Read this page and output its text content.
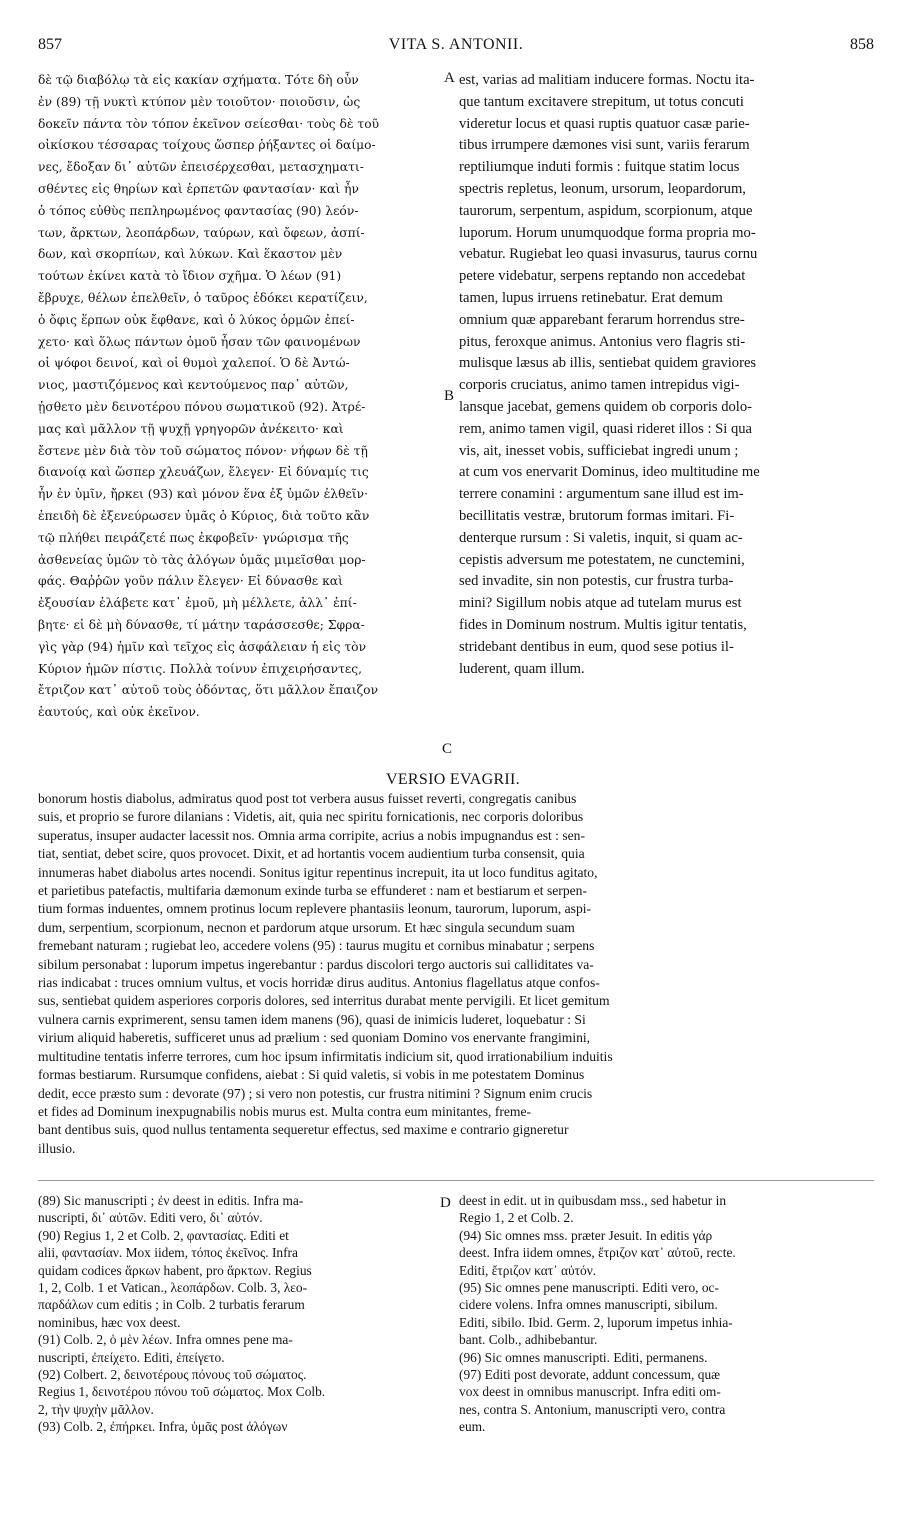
857	VITA S. ANTONII.	858
δὲ τῷ διαβόλῳ τὰ εἰς κακίαν σχήματα. Τότε δὴ οὖν
ἐν (89) τῇ νυκτὶ κτύπον μὲν τοιοῦτον· ποιοῦσιν, ὡς
δοκεῖν πάντα τὸν τόπον ἐκεῖνον σείεσθαι· τοὺς δὲ τοῦ
οἰκίσκου τέσσαρας τοίχους ὥσπερ ῥήξαντες οἱ δαίμο-
νες, ἔδοξαν δι᾽ αὐτῶν ἐπεισέρχεσθαι, μετασχηματι-
σθέντες εἰς θηρίων καὶ ἑρπετῶν φαντασίαν· καὶ ἦν
ὁ τόπος εὐθὺς πεπληρωμένος φαντασίας (90) λεόν-
των, ἄρκτων, λεοπάρδων, ταύρων, καὶ ὄφεων, ἀσπί-
δων, καὶ σκορπίων, καὶ λύκων. Καὶ ἕκαστον μὲν
τούτων ἐκίνει κατὰ τὸ ἴδιον σχῆμα. Ὁ λέων (91)
ἔβρυχε, θέλων ἐπελθεῖν, ὁ ταῦρος ἐδόκει κερατίζειν,
ὁ ὄφις ἕρπων οὐκ ἔφθανε, καὶ ὁ λύκος ὁρμῶν ἐπεί-
χετο· καὶ ὅλως πάντων ὁμοῦ ἦσαν τῶν φαινομένων
οἱ ψόφοι δεινοί, καὶ οἱ θυμοὶ χαλεποί. Ὁ δὲ Ἀντώ-
νιος, μαστιζόμενος καὶ κεντούμενος παρ᾽ αὐτῶν,
ᾐσθετο μὲν δεινοτέρου πόνου σωματικοῦ (92). Ἀτρέ-
μας καὶ μᾶλλον τῇ ψυχῇ γρηγορῶν ἀνέκειτο· καὶ
ἔστενε μὲν διὰ τὸν τοῦ σώματος πόνον· νήφων δὲ τῇ
διανοίᾳ καὶ ὥσπερ χλευάζων, ἔλεγεν· Εἰ δύναμίς τις
ἦν ἐν ὑμῖν, ἤρκει (93) καὶ μόνον ἕνα ἐξ ὑμῶν ἐλθεῖν·
ἐπειδὴ δὲ ἐξενεύρωσεν ὑμᾶς ὁ Κύριος, διὰ τοῦτο κἂν
τῷ πλήθει πειράζετέ πως ἐκφοβεῖν· γνώρισμα τῆς
ἀσθενείας ὑμῶν τὸ τὰς ἀλόγων ὑμᾶς μιμεῖσθαι μορ-
φάς. Θαῤῥῶν γοῦν πάλιν ἔλεγεν· Εἰ δύνασθε καὶ
ἐξουσίαν ἐλάβετε κατ᾽ ἐμοῦ, μὴ μέλλετε, ἀλλ᾽ ἐπί-
βητε· εἰ δὲ μὴ δύνασθε, τί μάτην ταράσσεσθε; Σφρα-
γὶς γὰρ (94) ἡμῖν καὶ τεῖχος εἰς ἀσφάλειαν ἡ εἰς τὸν
Κύριον ἡμῶν πίστις. Πολλὰ τοίνυν ἐπιχειρήσαντες,
ἔτριζον κατ᾽ αὐτοῦ τοὺς ὀδόντας, ὅτι μᾶλλον ἔπαιζον
ἑαυτούς, καὶ οὐκ ἐκεῖνον.
est, varias ad malitiam inducere formas. Noctu ita-
que tantum excitavere strepitum, ut totus concuti
videretur locus et quasi ruptis quatuor casæ parie-
tibus irrumpere dæmones visi sunt, variis ferarum
reptiliumque induti formis : fuitque statim locus
spectris repletus, leonum, ursorum, leopardorum,
taurorum, serpentum, aspidum, scorpionum, atque
luporum. Horum unumquodque forma propria mo-
vebatur. Rugiebat leo quasi invasurus, taurus cornu
petere videbatur, serpens reptando non accedebat
tamen, lupus irruens retinebatur. Erat demum
omnium quæ apparebant ferarum horrendus stre-
pitus, feroxque animus. Antonius vero flagris sti-
mulisque læsus ab illis, sentiebat quidem graviores
corporis cruciatus, animo tamen intrepidus vigi-
lansque jacebat, gemens quidem ob corporis dolo-
rem, animo tamen vigil, quasi rideret illos : Si qua
vis, ait, inesset vobis, sufficiebat ingredi unum ;
at cum vos enervarit Dominus, ideo multitudine me
terrere conamini : argumentum sane illud est im-
becillitatis vestræ, brutorum formas imitari. Fi-
denterque rursum : Si valetis, inquit, si quam ac-
cepistis adversum me potestatem, ne cunctemini,
sed invadite, sin non potestis, cur frustra turba-
mini? Sigillum nobis atque ad tutelam murus est
fides in Dominum nostrum. Multis igitur tentatis,
stridebant dentibus in eum, quod sese potius il-
luderent, quam illum.
A
B
C
VERSIO EVAGRII.
bonorum hostis diabolus, admiratus quod post tot verbera ausus fuisset reverti, congregatis canibus
suis, et proprio se furore dilanians : Videtis, ait, quia nec spiritu fornicationis, nec corporis doloribus
superatus, insuper audacter lacessit nos. Omnia arma corripite, acrius a nobis impugnandus est : sen-
tiat, sentiat, debet scire, quos provocet. Dixit, et ad hortantis vocem audientium turba consensit, quia
innumeras habet diabolus artes nocendi. Sonitus igitur repentinus increpuit, ita ut loco funditus agitato,
et parietibus patefactis, multifaria dæmonum exinde turba se effunderet : nam et bestiarum et serpen-
tium formas induentes, omnem protinus locum replevere phantasiis leonum, taurorum, luporum, aspi-
dum, serpentium, scorpionum, necnon et pardorum atque ursorum. Et hæc singula secundum suam
fremebant naturam ; rugiebat leo, accedere volens (95) : taurus mugitu et cornibus minabatur ; serpens
sibilum personabat : luporum impetus ingerebantur : pardus discolori tergo auctoris sui calliditates va-
rias indicabat : truces omnium vultus, et vocis horridæ dirus auditus. Antonius flagellatus atque confos-
sus, sentiebat quidem asperiores corporis dolores, sed interritus durabat mente pervigili. Et licet gemitum
vulnera carnis exprimerent, sensu tamen idem manens (96), quasi de inimicis luderet, loquebatur : Si
virium aliquid haberetis, sufficeret unus ad prælium : sed quoniam Domino vos enervante frangimini,
multitudine tentatis inferre terrores, cum hoc ipsum infirmitatis indicium sit, quod irrationabilium induitis
formas bestiarum. Rursumque confidens, aiebat : Si quid valetis, si vobis in me potestatem Dominus
dedit, ecce præsto sum : devorate (97) ; si vero non potestis, cur frustra nitimini ? Signum enim crucis
et fides ad Dominum inexpugnabilis nobis murus est. Multa contra eum minitantes, freme-
bant dentibus suis, quod nullus tentamenta sequeretur effectus, sed maxime e contrario gigneretur
illusio.
(89) Sic manuscripti ; ἐν deest in editis. Infra ma-
nuscripti, δι᾽ αὐτῶν. Editi vero, δι᾽ αὐτόν.
(90) Regius 1, 2 et Colb. 2, φαντασίας. Editi et
alii, φαντασίαν. Mox iidem, τόπος ἐκεῖνος. Infra
quidam codices ἄρκων habent, pro ἄρκτων. Regius
1, 2, Colb. 1 et Vatican., λεοπάρδων. Colb. 3, λεο-
παρδάλων cum editis ; in Colb. 2 turbatis ferarum
nominibus, hæc vox deest.
(91) Colb. 2, ὁ μὲν λέων. Infra omnes pene ma-
nuscripti, ἐπείχετο. Editi, ἐπείγετο.
(92) Colbert. 2, δεινοτέρους πόνους τοῦ σώματος.
Regius 1, δεινοτέρου πόνου τοῦ σώματος. Mox Colb.
2, τὴν ψυχὴν μᾶλλον.
(93) Colb. 2, ἐπήρκει. Infra, ὑμᾶς post ἀλόγων
D deest in edit. ut in quibusdam mss., sed habetur in
Regio 1, 2 et Colb. 2.
(94) Sic omnes mss. præter Jesuit. In editis γάρ
deest. Infra iidem omnes, ἔτριζον κατ᾽ αὐτοῦ, recte.
Editi, ἔτριζον κατ᾽ αὐτόν.
(95) Sic omnes pene manuscripti. Editi vero, oc-
cidere volens. Infra omnes manuscripti, sibilum.
Editi, sibilo. Ibid. Germ. 2, luporum impetus inhia-
bant. Colb., adhibebantur.
(96) Sic omnes manuscripti. Editi, permanens.
(97) Editi post devorate, addunt concessum, quæ
vox deest in omnibus manuscript. Infra editi om-
nes, contra S. Antonium, manuscripti vero, contra
eum.
